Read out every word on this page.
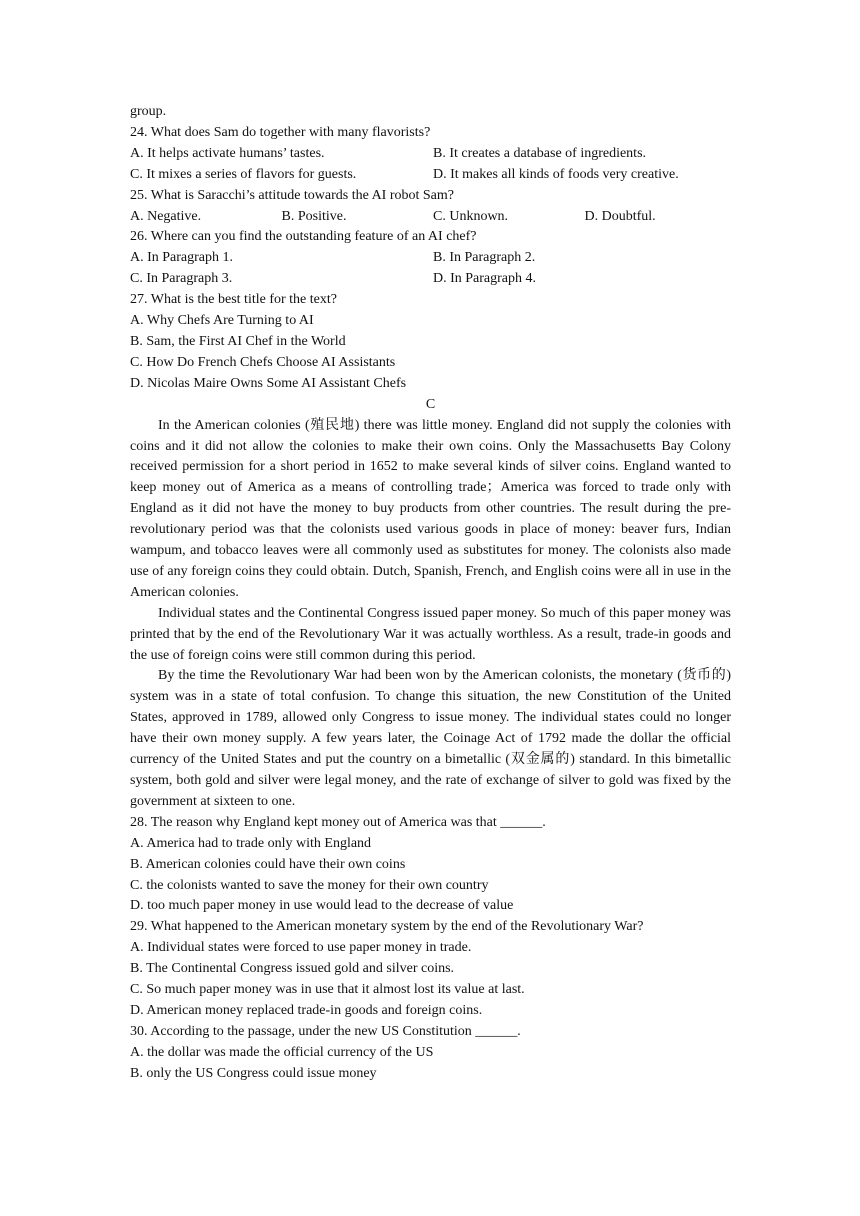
group.
24. What does Sam do together with many flavorists?
A. It helps activate humans’ tastes.	B. It creates a database of ingredients.
C. It mixes a series of flavors for guests.	D. It makes all kinds of foods very creative.
25. What is Saracchi’s attitude towards the AI robot Sam?
A. Negative.	B. Positive.	C. Unknown.	D. Doubtful.
26. Where can you find the outstanding feature of an AI chef?
A. In Paragraph 1.	B. In Paragraph 2.
C. In Paragraph 3.	D. In Paragraph 4.
27. What is the best title for the text?
A. Why Chefs Are Turning to AI
B. Sam, the First AI Chef in the World
C. How Do French Chefs Choose AI Assistants
D. Nicolas Maire Owns Some AI Assistant Chefs
C

In the American colonies (殖民地) there was little money. England did not supply the colonies with coins and it did not allow the colonies to make their own coins. Only the Massachusetts Bay Colony received permission for a short period in 1652 to make several kinds of silver coins. England wanted to keep money out of America as a means of controlling trade；America was forced to trade only with England as it did not have the money to buy products from other countries. The result during the pre-revolutionary period was that the colonists used various goods in place of money: beaver furs, Indian wampum, and tobacco leaves were all commonly used as substitutes for money. The colonists also made use of any foreign coins they could obtain. Dutch, Spanish, French, and English coins were all in use in the American colonies.

Individual states and the Continental Congress issued paper money. So much of this paper money was printed that by the end of the Revolutionary War it was actually worthless. As a result, trade-in goods and the use of foreign coins were still common during this period.

By the time the Revolutionary War had been won by the American colonists, the monetary (货币的) system was in a state of total confusion. To change this situation, the new Constitution of the United States, approved in 1789, allowed only Congress to issue money. The individual states could no longer have their own money supply. A few years later, the Coinage Act of 1792 made the dollar the official currency of the United States and put the country on a bimetallic (双金属的) standard. In this bimetallic system, both gold and silver were legal money, and the rate of exchange of silver to gold was fixed by the government at sixteen to one.

28. The reason why England kept money out of America was that ______.
A. America had to trade only with England
B. American colonies could have their own coins
C. the colonists wanted to save the money for their own country
D. too much paper money in use would lead to the decrease of value
29. What happened to the American monetary system by the end of the Revolutionary War?
A. Individual states were forced to use paper money in trade.
B. The Continental Congress issued gold and silver coins.
C. So much paper money was in use that it almost lost its value at last.
D. American money replaced trade-in goods and foreign coins.
30. According to the passage, under the new US Constitution ______.
A. the dollar was made the official currency of the US
B. only the US Congress could issue money
